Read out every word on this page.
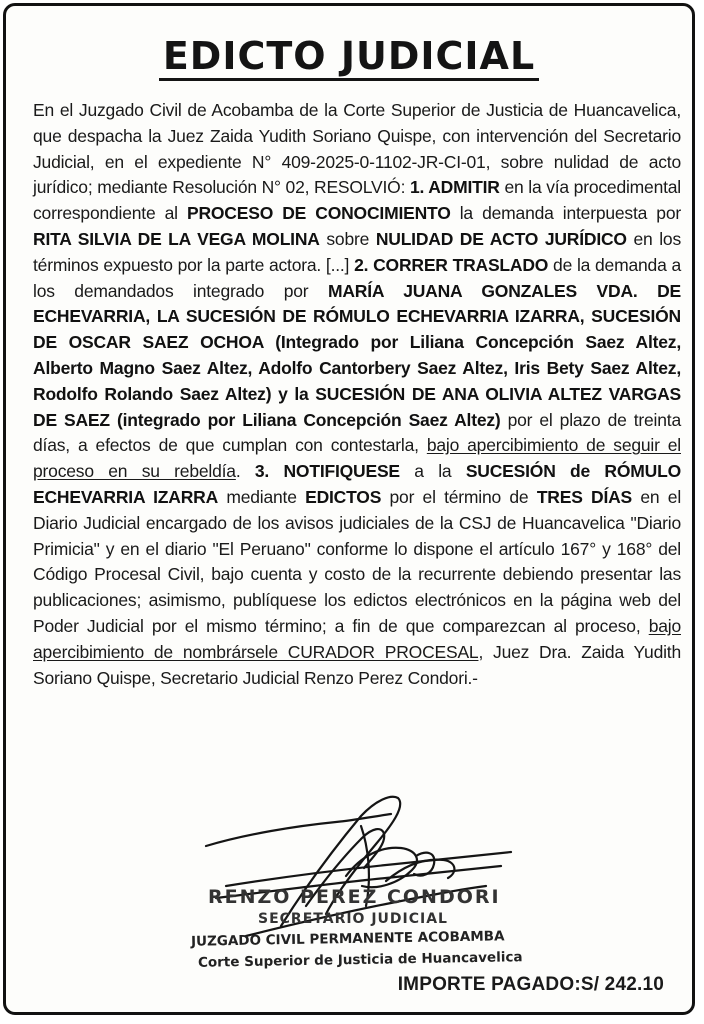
EDICTO JUDICIAL
En el Juzgado Civil de Acobamba de la Corte Superior de Justicia de Huancavelica, que despacha la Juez Zaida Yudith Soriano Quispe, con intervención del Secretario Judicial, en el expediente N° 409-2025-0-1102-JR-CI-01, sobre nulidad de acto jurídico; mediante Resolución N° 02, RESOLVIÓ: 1. ADMITIR en la vía procedimental correspondiente al PROCESO DE CONOCIMIENTO la demanda interpuesta por RITA SILVIA DE LA VEGA MOLINA sobre NULIDAD DE ACTO JURÍDICO en los términos expuesto por la parte actora. [...] 2. CORRER TRASLADO de la demanda a los demandados integrado por MARÍA JUANA GONZALES VDA. DE ECHEVARRIA, LA SUCESIÓN DE RÓMULO ECHEVARRIA IZARRA, SUCESIÓN DE OSCAR SAEZ OCHOA (Integrado por Liliana Concepción Saez Altez, Alberto Magno Saez Altez, Adolfo Cantorbery Saez Altez, Iris Bety Saez Altez, Rodolfo Rolando Saez Altez) y la SUCESIÓN DE ANA OLIVIA ALTEZ VARGAS DE SAEZ (integrado por Liliana Concepción Saez Altez) por el plazo de treinta días, a efectos de que cumplan con contestarla, bajo apercibimiento de seguir el proceso en su rebeldía. 3. NOTIFIQUESE a la SUCESIÓN de RÓMULO ECHEVARRIA IZARRA mediante EDICTOS por el término de TRES DÍAS en el Diario Judicial encargado de los avisos judiciales de la CSJ de Huancavelica "Diario Primicia" y en el diario "El Peruano" conforme lo dispone el artículo 167° y 168° del Código Procesal Civil, bajo cuenta y costo de la recurrente debiendo presentar las publicaciones; asimismo, publíquese los edictos electrónicos en la página web del Poder Judicial por el mismo término; a fin de que comparezcan al proceso, bajo apercibimiento de nombrársele CURADOR PROCESAL, Juez Dra. Zaida Yudith Soriano Quispe, Secretario Judicial Renzo Perez Condori.-
RENZO PEREZ CONDORI
SECRETARIO JUDICIAL
JUZGADO CIVIL PERMANENTE ACOBAMBA
Corte Superior de Justicia de Huancavelica
IMPORTE PAGADO:S/ 242.10
